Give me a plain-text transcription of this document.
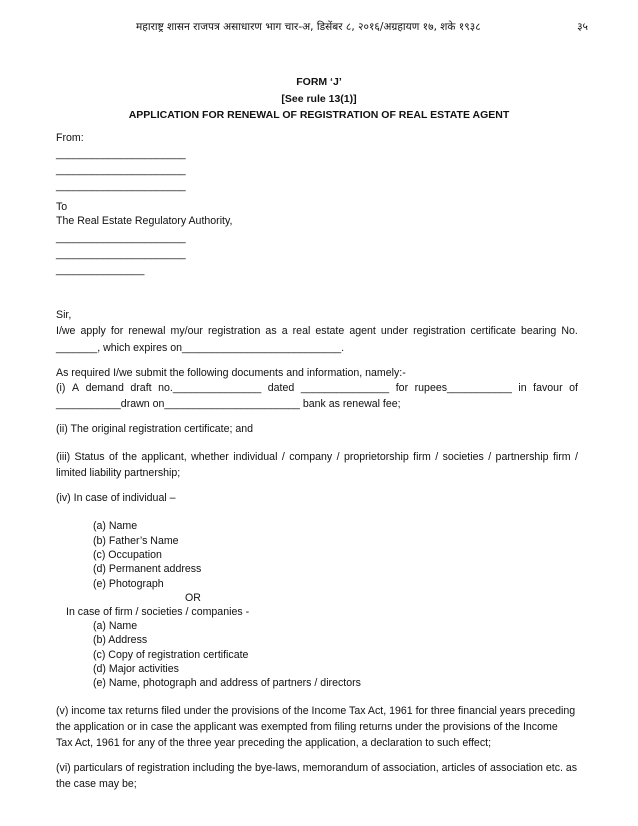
महाराष्ट्र शासन राजपत्र असाधारण भाग चार-अ, डिसेंबर ८, २०१६/अग्रहायण १७, शके १९३८	३५
FORM ‘J’
[See rule 13(1)]
APPLICATION FOR RENEWAL OF REGISTRATION OF REAL ESTATE AGENT
From:
______________________
______________________
______________________
To
The Real Estate Regulatory Authority,
______________________
______________________
_______________
Sir,
I/we apply for renewal my/our registration as a real estate agent under registration certificate bearing No.
_______, which expires on___________________________.
As required I/we submit the following documents and information, namely:-
(i) A demand draft no._______________ dated _______________ for rupees___________ in favour of
___________drawn on_______________________ bank as renewal fee;
(ii) The original registration certificate; and
(iii) Status of the applicant, whether individual / company / proprietorship firm / societies / partnership firm /
limited liability partnership;
(iv) In case of individual –
(a) Name
(b) Father’s Name
(c) Occupation
(d) Permanent address
(e) Photograph
OR
In case of firm / societies / companies -
(a) Name
(b) Address
(c) Copy of registration certificate
(d) Major activities
(e) Name, photograph and address of partners / directors
(v) income tax returns filed under the provisions of the Income Tax Act, 1961 for three financial years preceding
the application or in case the applicant was exempted from filing returns under the provisions of the Income
Tax Act, 1961 for any of the three year preceding the application, a declaration to such effect;
(vi) particulars of registration including the bye-laws, memorandum of association, articles of association etc. as
the case may be;
